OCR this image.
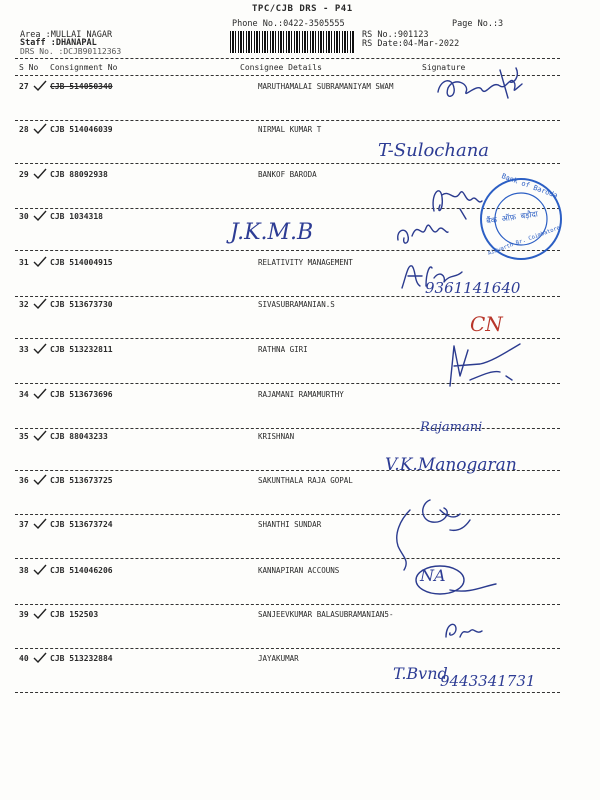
TPC/CJB DRS - P41
Phone No.:0422-3505555	Page No.:3
Area :MULLAI NAGAR
Staff :DHANAPAL
DRS No. :DCJB90112363
RS No.:901123
RS Date:04-Mar-2022
S No Consignment No	Consignee Details	Signature
27	CJB 514050340	MARUTHAMALAI SUBRAMANIYAM SWAM
28	CJB 514046039	NIRMAL KUMAR T
29	CJB 88092938	BANKOF BARODA
30	CJB 1034318
31	CJB 514004915	RELATIVITY MANAGEMENT
32	CJB 513673730	SIVASUBRAMANIAN.S
33	CJB 513232811	RATHNA GIRI
34	CJB 513673696	RAJAMANI RAMAMURTHY
35	CJB 88043233	KRISHNAN
36	CJB 513673725	SAKUNTHALA RAJA GOPAL
37	CJB 513673724	SHANTHI SUNDAR
38	CJB 514046206	KANNAPIRAN ACCOUNS
39	CJB 152503	SANJEEVKUMAR BALASUBRAMANIAN5-
40	CJB 513232884	JAYAKUMAR
T-Sulochana
बैंक ऑफ़ बड़ौदा
Bank of Baroda
Aidwarth Br. Coimbatore
J.K.M.B
9361141640
CN
Rajamani
V.K.Manogaran
NA
T.Bvnd
9443341731
